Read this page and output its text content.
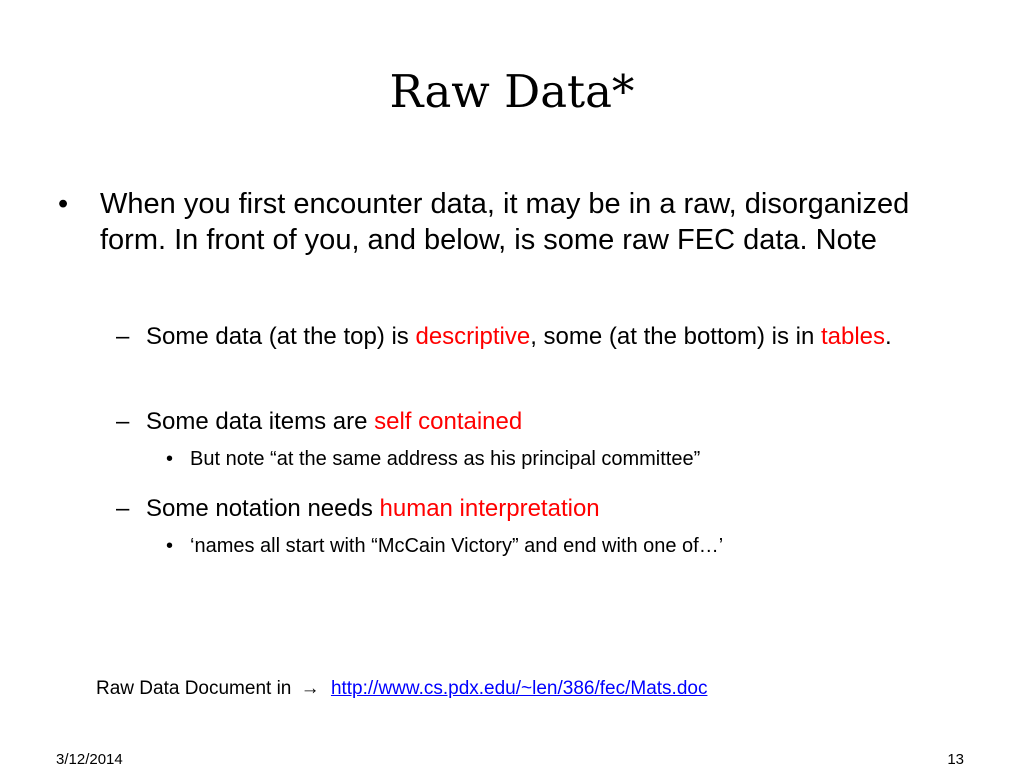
Raw Data*
• When you first encounter data, it may be in a raw, disorganized form. In front of you, and below, is some raw FEC data. Note
– Some data (at the top) is descriptive, some (at the bottom) is in tables.
– Some data items are self contained
• But note “at the same address as his principal committee”
– Some notation needs human interpretation
• ‘names all start with “McCain Victory” and end with one of…’
Raw Data Document in → http://www.cs.pdx.edu/~len/386/fec/Mats.doc
3/12/2014	13
